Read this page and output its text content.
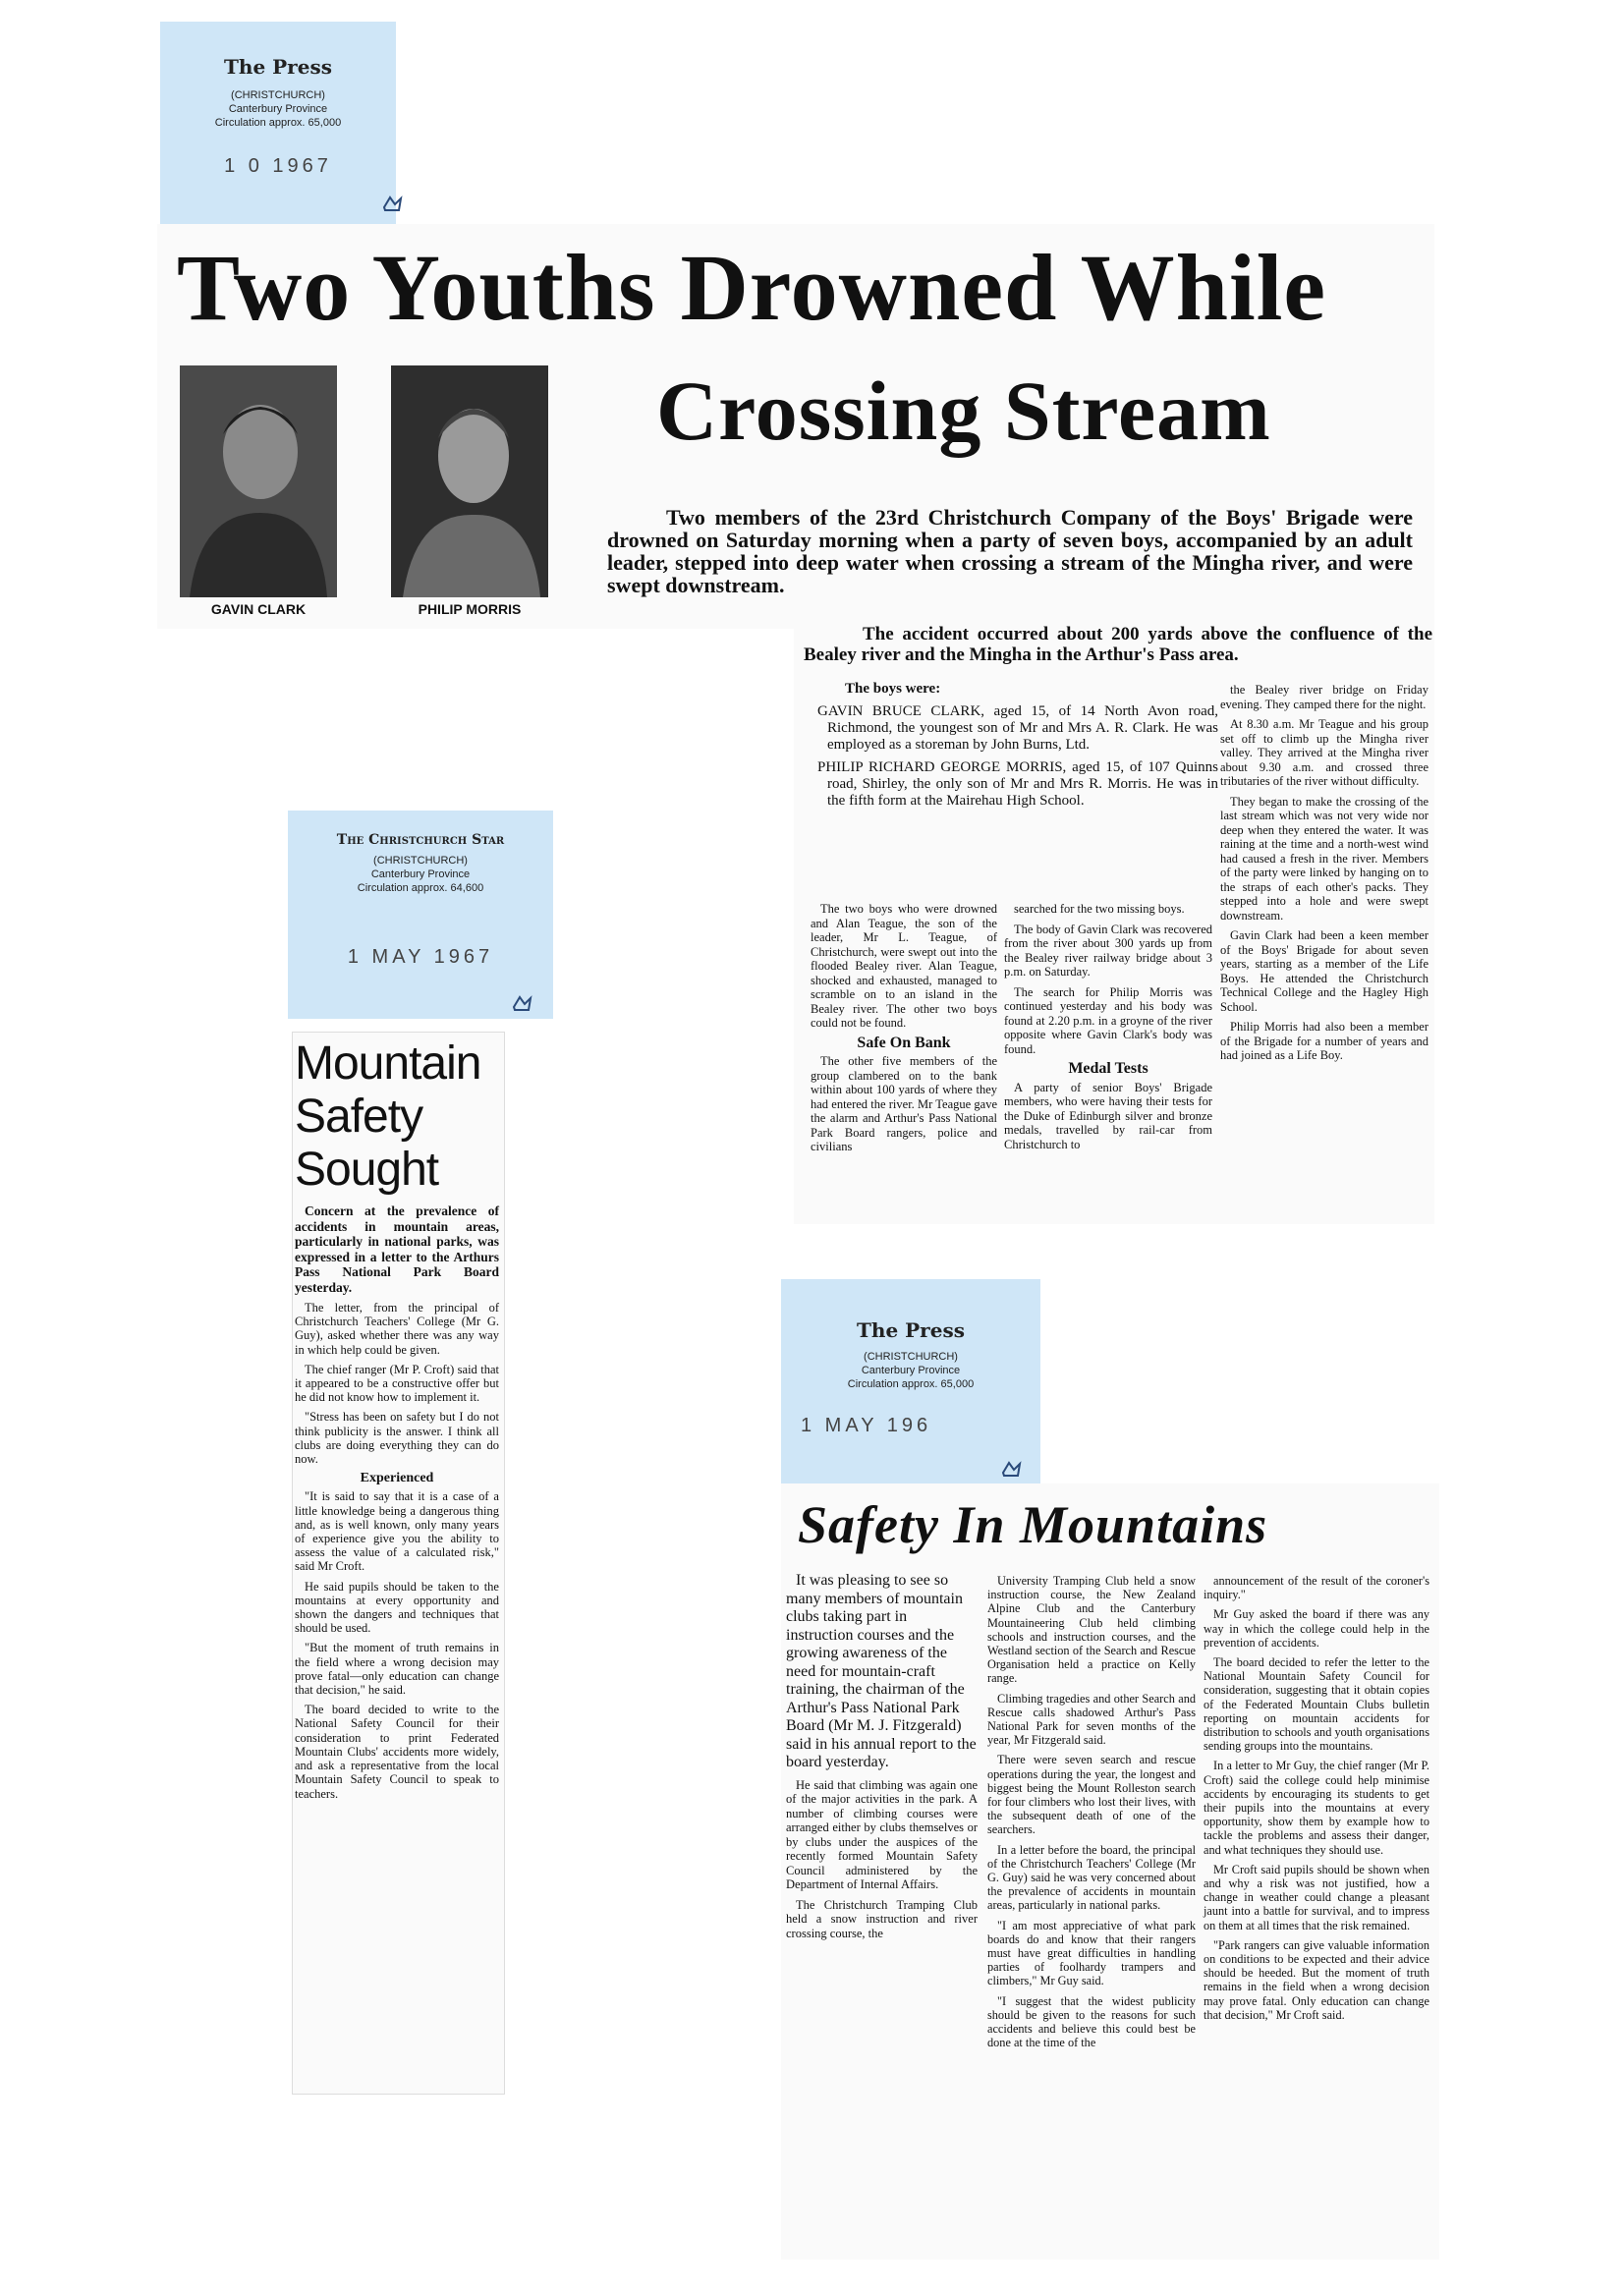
The Press
(CHRISTCHURCH)
Canterbury Province
Circulation approx. 65,000
1 0 1967
Two Youths Drowned While
Crossing Stream
GAVIN CLARK	PHILIP MORRIS
Two members of the 23rd Christchurch Company of the Boys' Brigade were drowned on Saturday morning when a party of seven boys, accompanied by an adult leader, stepped into deep water when crossing a stream of the Mingha river, and were swept downstream.
The accident occurred about 200 yards above the confluence of the Bealey river and the Mingha in the Arthur's Pass area.

The boys were:

GAVIN BRUCE CLARK, aged 15, of 14 North Avon road, Richmond, the youngest son of Mr and Mrs A. R. Clark. He was employed as a storeman by John Burns, Ltd.

PHILIP RICHARD GEORGE MORRIS, aged 15, of 107 Quinns road, Shirley, the only son of Mr and Mrs R. Morris. He was in the fifth form at the Mairehau High School.

The two boys who were drowned and Alan Teague, the son of the leader, Mr L. Teague, of Christchurch, were swept out into the flooded Bealey river. Alan Teague, shocked and exhausted, managed to scramble on to an island in the Bealey river. The other two boys could not be found.

Safe On Bank

The other five members of the group clambered on to the bank within about 100 yards of where they had entered the river. Mr Teague gave the alarm and Arthur's Pass National Park Board rangers, police and civilians

searched for the two missing boys.

The body of Gavin Clark was recovered from the river about 300 yards up from the Bealey river railway bridge about 3 p.m. on Saturday.

The search for Philip Morris was continued yesterday and his body was found at 2.20 p.m. in a groyne of the river opposite where Gavin Clark's body was found.

Medal Tests

A party of senior Boys' Brigade members, who were having their tests for the Duke of Edinburgh silver and bronze medals, travelled by rail-car from Christchurch to

the Bealey river bridge on Friday evening. They camped there for the night.

At 8.30 a.m. Mr Teague and his group set off to climb up the Mingha river valley. They arrived at the Mingha river about 9.30 a.m. and crossed three tributaries of the river without difficulty.

They began to make the crossing of the last stream which was not very wide nor deep when they entered the water. It was raining at the time and a north-west wind had caused a fresh in the river. Members of the party were linked by hanging on to the straps of each other's packs. They stepped into a hole and were swept downstream.

Gavin Clark had been a keen member of the Boys' Brigade for about seven years, starting as a member of the Life Boys. He attended the Christchurch Technical College and the Hagley High School.

Philip Morris had also been a member of the Brigade for a number of years and had joined as a Life Boy.

The Christchurch Star
(CHRISTCHURCH)
Canterbury Province
Circulation approx. 64,600
1 MAY 1967
Mountain
Safety
Sought

Concern at the prevalence of accidents in mountain areas, particularly in national parks, was expressed in a letter to the Arthurs Pass National Park Board yesterday.

The letter, from the principal of Christchurch Teachers' College (Mr G. Guy), asked whether there was any way in which help could be given.

The chief ranger (Mr P. Croft) said that it appeared to be a constructive offer but he did not know how to implement it.

"Stress has been on safety but I do not think publicity is the answer. I think all clubs are doing everything they can do now.

Experienced

"It is said to say that it is a case of a little knowledge being a dangerous thing and, as is well known, only many years of experience give you the ability to assess the value of a calculated risk," said Mr Croft.

He said pupils should be taken to the mountains at every opportunity and shown the dangers and techniques that should be used.

"But the moment of truth remains in the field where a wrong decision may prove fatal—only education can change that decision," he said.

The board decided to write to the National Safety Council for their consideration to print Federated Mountain Clubs' accidents more widely, and ask a representative from the local Mountain Safety Council to speak to teachers.

The Press
(CHRISTCHURCH)
Canterbury Province
Circulation approx. 65,000
1 MAY 196
Safety In Mountains

It was pleasing to see so many members of mountain clubs taking part in instruction courses and the growing awareness of the need for mountain-craft training, the chairman of the Arthur's Pass National Park Board (Mr M. J. Fitzgerald) said in his annual report to the board yesterday.

He said that climbing was again one of the major activities in the park. A number of climbing courses were arranged either by clubs themselves or by clubs under the auspices of the recently formed Mountain Safety Council administered by the Department of Internal Affairs.

The Christchurch Tramping Club held a snow instruction and river crossing course, the

University Tramping Club held a snow instruction course, the New Zealand Alpine Club and the Canterbury Mountaineering Club held climbing schools and instruction courses, and the Westland section of the Search and Rescue Organisation held a practice on Kelly range.

Climbing tragedies and other Search and Rescue calls shadowed Arthur's Pass National Park for seven months of the year, Mr Fitzgerald said.

There were seven search and rescue operations during the year, the longest and biggest being the Mount Rolleston search for four climbers who lost their lives, with the subsequent death of one of the searchers.

In a letter before the board, the principal of the Christchurch Teachers' College (Mr G. Guy) said he was very concerned about the prevalence of accidents in mountain areas, particularly in national parks.

"I am most appreciative of what park boards do and know that their rangers must have great difficulties in handling parties of foolhardy trampers and climbers," Mr Guy said.

"I suggest that the widest publicity should be given to the reasons for such accidents and believe this could best be done at the time of the

announcement of the result of the coroner's inquiry."

Mr Guy asked the board if there was any way in which the college could help in the prevention of accidents.

The board decided to refer the letter to the National Mountain Safety Council for consideration, suggesting that it obtain copies of the Federated Mountain Clubs bulletin reporting on mountain accidents for distribution to schools and youth organisations sending groups into the mountains.

In a letter to Mr Guy, the chief ranger (Mr P. Croft) said the college could help minimise accidents by encouraging its students to get their pupils into the mountains at every opportunity, show them by example how to tackle the problems and assess their danger, and what techniques they should use.

Mr Croft said pupils should be shown when and why a risk was not justified, how a change in weather could change a pleasant jaunt into a battle for survival, and to impress on them at all times that the risk remained.

"Park rangers can give valuable information on conditions to be expected and their advice should be heeded. But the moment of truth remains in the field when a wrong decision may prove fatal. Only education can change that decision," Mr Croft said.
